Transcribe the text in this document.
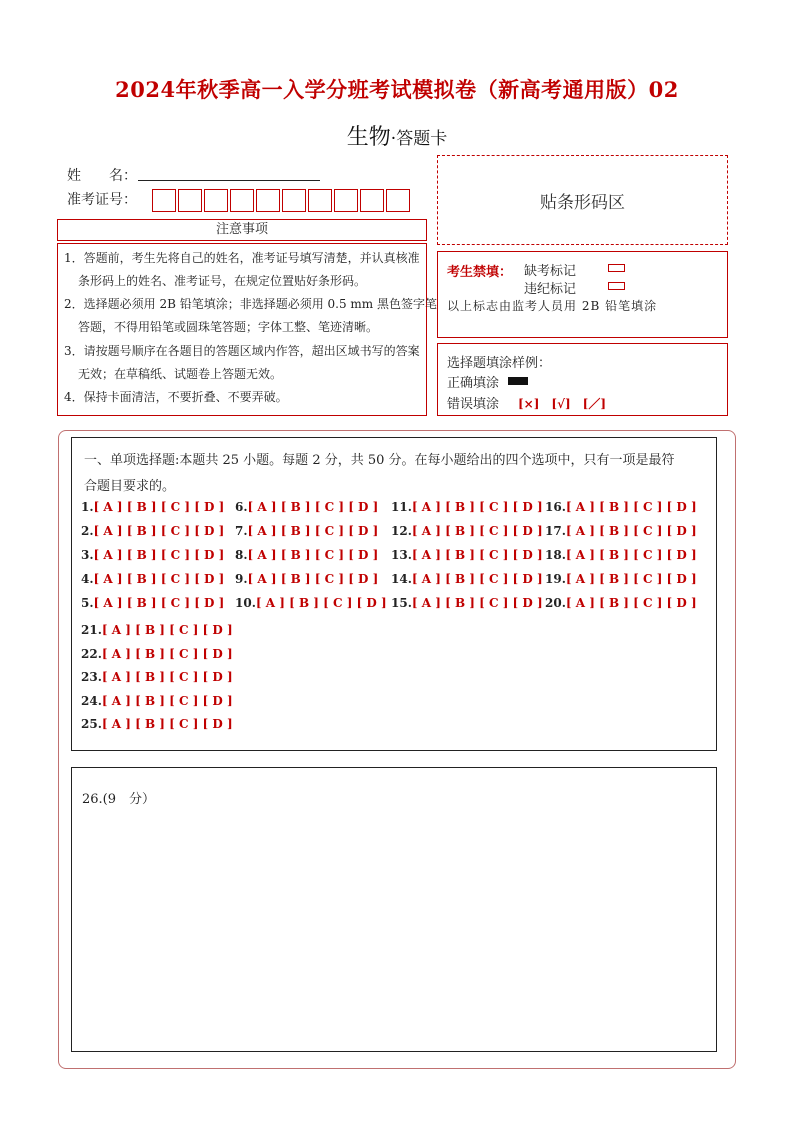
2024年秋季高一入学分班考试模拟卷（新高考通用版）02
生物·答题卡
姓　　名：
准考证号：	贴条形码区
注意事项
1．答题前，考生先将自己的姓名，准考证号填写清楚，并认真核准
条形码上的姓名、准考证号，在规定位置贴好条形码。
2．选择题必须用 2B 铅笔填涂；非选择题必须用 0.5 mm 黑色签字笔
答题，不得用铅笔或圆珠笔答题；字体工整、笔迹清晰。
3．请按题号顺序在各题目的答题区域内作答，超出区域书写的答案
无效；在草稿纸、试题卷上答题无效。
4．保持卡面清洁，不要折叠、不要弄破。
考生禁填： 缺考标记
违纪标记
以上标志由监考人员用 2B 铅笔填涂
选择题填涂样例：
正确填涂
错误填涂 [×]　[√]　[／]
一、单项选择题:本题共 25 小题。每题 2 分，共 50 分。在每小题给出的四个选项中，只有一项是最符
合题目要求的。
1.[ A ] [ B ] [ C ] [ D ]
2.[ A ] [ B ] [ C ] [ D ]
3.[ A ] [ B ] [ C ] [ D ]
4.[ A ] [ B ] [ C ] [ D ]
5.[ A ] [ B ] [ C ] [ D ]
6.[ A ] [ B ] [ C ] [ D ]
7.[ A ] [ B ] [ C ] [ D ]
8.[ A ] [ B ] [ C ] [ D ]
9.[ A ] [ B ] [ C ] [ D ]
10.[ A ] [ B ] [ C ] [ D ]
11.[ A ] [ B ] [ C ] [ D ]
12.[ A ] [ B ] [ C ] [ D ]
13.[ A ] [ B ] [ C ] [ D ]
14.[ A ] [ B ] [ C ] [ D ]
15.[ A ] [ B ] [ C ] [ D ]
16.[ A ] [ B ] [ C ] [ D ]
17.[ A ] [ B ] [ C ] [ D ]
18.[ A ] [ B ] [ C ] [ D ]
19.[ A ] [ B ] [ C ] [ D ]
20.[ A ] [ B ] [ C ] [ D ]
21.[ A ] [ B ] [ C ] [ D ]
22.[ A ] [ B ] [ C ] [ D ]
23.[ A ] [ B ] [ C ] [ D ]
24.[ A ] [ B ] [ C ] [ D ]
25.[ A ] [ B ] [ C ] [ D ]
26.(9　分）
